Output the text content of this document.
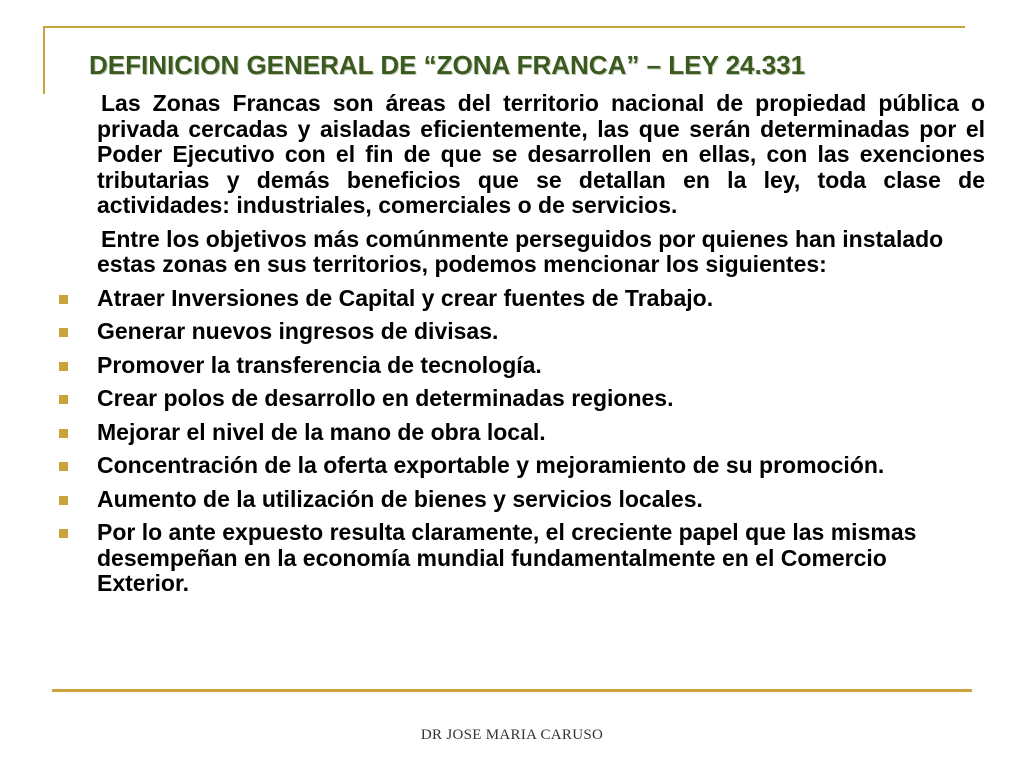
DEFINICION GENERAL DE “ZONA FRANCA” – LEY 24.331

Las Zonas Francas son áreas del territorio nacional de propiedad pública o privada cercadas y aisladas eficientemente, las que serán determinadas por el Poder Ejecutivo con el fin de que se desarrollen en ellas, con las exenciones tributarias y demás beneficios que se detallan en la ley, toda clase de actividades: industriales, comerciales o de servicios.

Entre los objetivos más comúnmente perseguidos por quienes han instalado estas zonas en sus territorios, podemos mencionar los siguientes:

Atraer Inversiones de Capital y crear fuentes de Trabajo.
Generar nuevos ingresos de divisas.
Promover la transferencia de tecnología.
Crear polos de desarrollo en determinadas regiones.
Mejorar el nivel de la mano de obra local.
Concentración de la oferta exportable y mejoramiento de su promoción.
Aumento de la utilización de bienes y servicios locales.
Por lo ante expuesto resulta claramente, el creciente papel que las mismas desempeñan en la economía mundial fundamentalmente en el Comercio Exterior.
DR JOSE MARIA CARUSO
